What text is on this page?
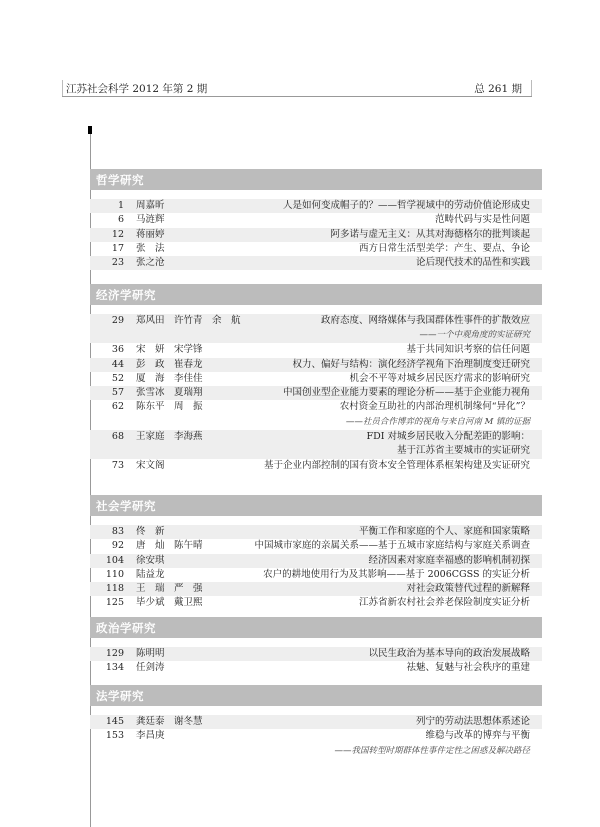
江苏社会科学 2012 年第 2 期	总 261 期
哲学研究
1 周嘉昕	人是如何变成帽子的？——哲学视域中的劳动价值论形成史
6 马涟辉	范畴代码与实是性问题
12 蒋丽婷	阿多诺与虚无主义：从其对海德格尔的批判谈起
17 张　法	西方日常生活型美学：产生、要点、争论
23 张之沧	论后现代技术的品性和实践
经济学研究
29 郑风田　许竹青　余　航	政府态度、网络媒体与我国群体性事件的扩散效应
——一个中观角度的实证研究
36 宋　妍　宋学锋	基于共同知识考察的信任问题
44 彭　政　崔春龙	权力、偏好与结构：演化经济学视角下治理制度变迁研究
52 厦　海　李佳佳	机会不平等对城乡居民医疗需求的影响研究
57 张雪冰　夏瑞翔	中国创业型企业能力要素的理论分析——基于企业能力视角
62 陈东平　周　振	农村资金互助社的内部治理机制缘何“异化”？
——社员合作博弈的视角与来自河南 M 镇的证据
68 王家庭　李海燕	FDI 对城乡居民收入分配差距的影响：
基于江苏省主要城市的实证研究
73 宋文阁	基于企业内部控制的国有资本安全管理体系框架构建及实证研究
社会学研究
83 佟　新	平衡工作和家庭的个人、家庭和国家策略
92 唐　灿　陈午晴	中国城市家庭的亲属关系——基于五城市家庭结构与家庭关系调查
104 徐安琪	经济因素对家庭幸福感的影响机制初探
110 陆益龙	农户的耕地使用行为及其影响——基于 2006CGSS 的实证分析
118 王　瑞　严　强	对社会政策替代过程的新解释
125 毕少斌　戴卫熙	江苏省新农村社会养老保险制度实证分析
政治学研究
129 陈明明	以民生政治为基本导向的政治发展战略
134 任剑涛	祛魅、复魅与社会秩序的重建
法学研究
145 龚廷泰　谢冬慧	列宁的劳动法思想体系述论
153 李昌庚	维稳与改革的博弈与平衡
——我国转型时期群体性事件定性之困惑及解决路径
